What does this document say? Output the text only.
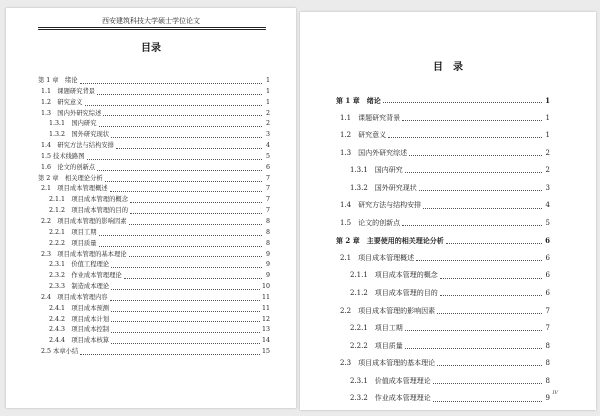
西安建筑科技大学硕士学位论文
目录
第 1 章　绪论	1
1.1　课题研究背景	1
1.2　研究意义	1
1.3　国内外研究综述	2
1.3.1　国内研究	2
1.3.2　国外研究现状	3
1.4　研究方法与结构安排	4
1.5 技术线路图	5
1.6　论文的创新点	6
第 2 章　相关理论分析	7
2.1　项目成本管理概述	7
2.1.1　项目成本管理的概念	7
2.1.2　项目成本管理的目的	7
2.2　项目成本管理的影响因素	8
2.2.1　项目工期	8
2.2.2　项目质量	8
2.3　项目成本管理的基本理论	9
2.3.1　价值工程理论	9
2.3.2　作业成本管理理论	9
2.3.3　制造成本理论	10
2.4　项目成本管理内容	11
2.4.1　项目成本预测	11
2.4.2　项目成本计划	12
2.4.3　项目成本控制	13
2.4.4　项目成本核算	14
2.5 本章小结	15
目　录
第 1 章　绪论	1
1.1　课题研究背景	1
1.2　研究意义	1
1.3　国内外研究综述	2
1.3.1　国内研究	2
1.3.2　国外研究现状	3
1.4　研究方法与结构安排	4
1.5　论文的创新点	5
第 2 章　主要使用的相关理论分析	6
2.1　项目成本管理概述	6
2.1.1　项目成本管理的概念	6
2.1.2　项目成本管理的目的	6
2.2　项目成本管理的影响因素	7
2.2.1　项目工期	7
2.2.2　项目质量	8
2.3　项目成本管理的基本理论	8
2.3.1　价值成本管理理论	8
2.3.2　作业成本管理理论	9
IV
